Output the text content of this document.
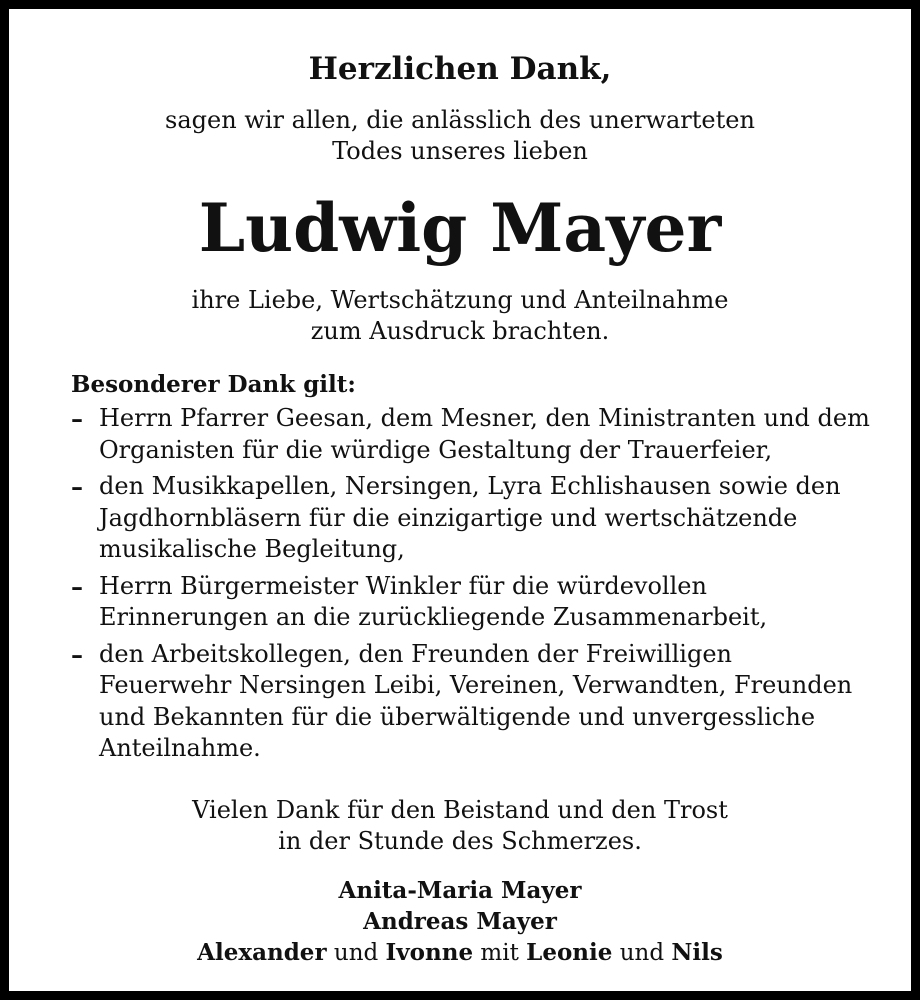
Herzlichen Dank,
sagen wir allen, die anlässlich des unerwarteten
Todes unseres lieben
Ludwig Mayer
ihre Liebe, Wertschätzung und Anteilnahme
zum Ausdruck brachten.
Besonderer Dank gilt:
– Herrn Pfarrer Geesan, dem Mesner, den Ministranten und dem
Organisten für die würdige Gestaltung der Trauerfeier,
– den Musikkapellen, Nersingen, Lyra Echlishausen sowie den
Jagdhornbläsern für die einzigartige und wertschätzende
musikalische Begleitung,
– Herrn Bürgermeister Winkler für die würdevollen
Erinnerungen an die zurückliegende Zusammenarbeit,
– den Arbeitskollegen, den Freunden der Freiwilligen
Feuerwehr Nersingen Leibi, Vereinen, Verwandten, Freunden
und Bekannten für die überwältigende und unvergessliche
Anteilnahme.
Vielen Dank für den Beistand und den Trost
in der Stunde des Schmerzes.
Anita-Maria Mayer
Andreas Mayer
Alexander und Ivonne mit Leonie und Nils
